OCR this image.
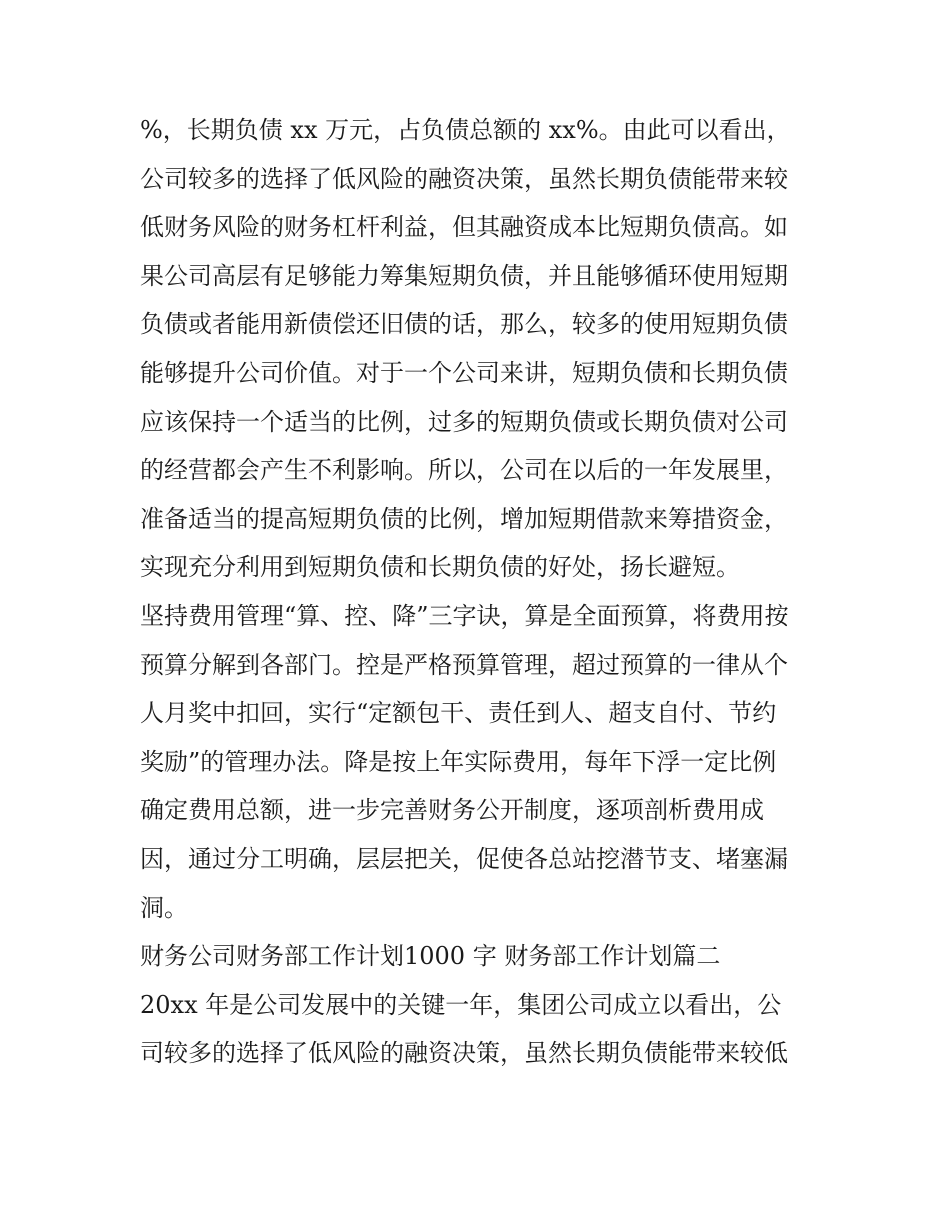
%，长期负债 xx 万元，占负债总额的 xx%。由此可以看出，
公司较多的选择了低风险的融资决策，虽然长期负债能带来较
低财务风险的财务杠杆利益，但其融资成本比短期负债高。如
果公司高层有足够能力筹集短期负债，并且能够循环使用短期
负债或者能用新债偿还旧债的话，那么，较多的使用短期负债
能够提升公司价值。对于一个公司来讲，短期负债和长期负债
应该保持一个适当的比例，过多的短期负债或长期负债对公司
的经营都会产生不利影响。所以，公司在以后的一年发展里，
准备适当的提高短期负债的比例，增加短期借款来筹措资金，
实现充分利用到短期负债和长期负债的好处，扬长避短。
坚持费用管理“算、控、降”三字诀，算是全面预算，将费用按
预算分解到各部门。控是严格预算管理，超过预算的一律从个
人月奖中扣回，实行“定额包干、责任到人、超支自付、节约
奖励”的管理办法。降是按上年实际费用，每年下浮一定比例
确定费用总额，进一步完善财务公开制度，逐项剖析费用成
因，通过分工明确，层层把关，促使各总站挖潜节支、堵塞漏
洞。
财务公司财务部工作计划1000 字 财务部工作计划篇二
20xx 年是公司发展中的关键一年，集团公司成立以看出，公
司较多的选择了低风险的融资决策，虽然长期负债能带来较低
